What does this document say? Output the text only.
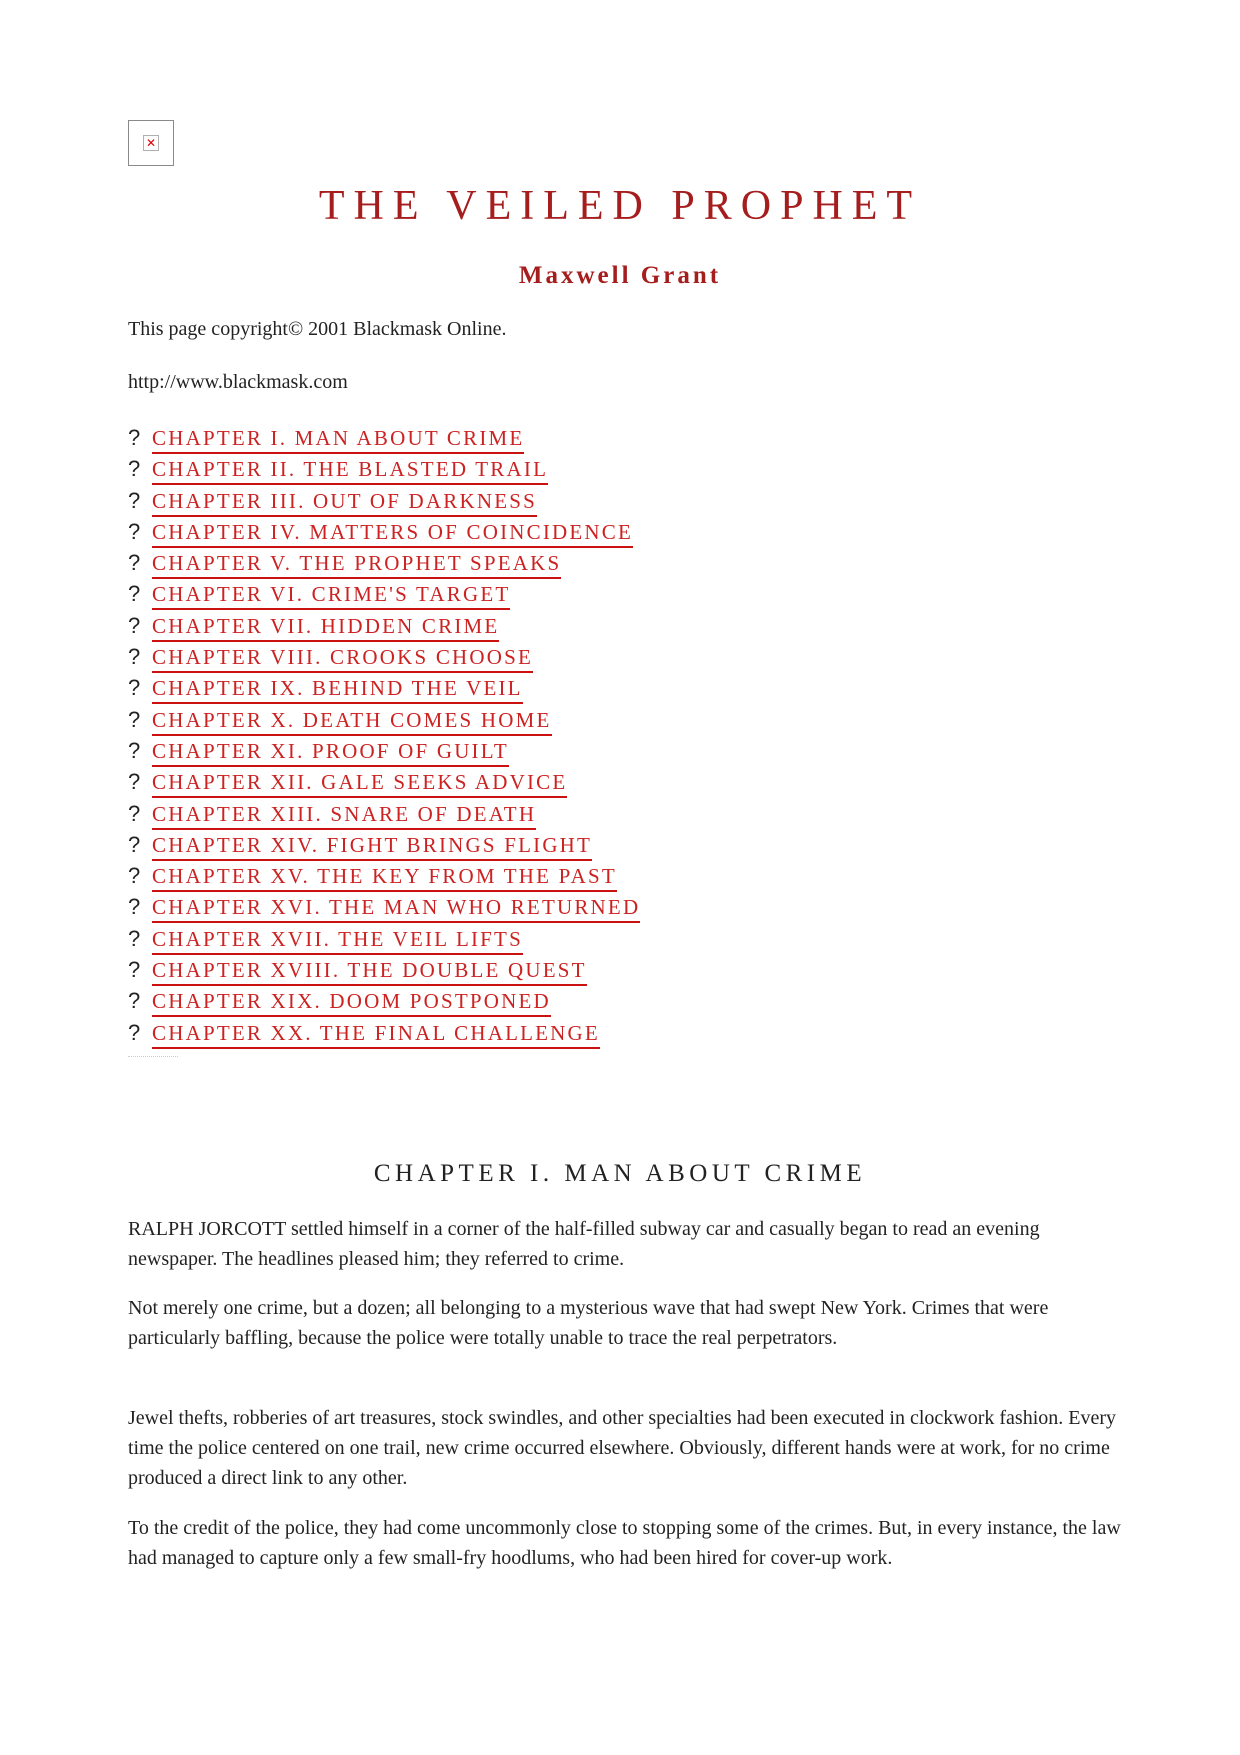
✕
THE VEILED PROPHET
Maxwell Grant

This page copyright© 2001 Blackmask Online.

http://www.blackmask.com

? CHAPTER I. MAN ABOUT CRIME
? CHAPTER II. THE BLASTED TRAIL
? CHAPTER III. OUT OF DARKNESS
? CHAPTER IV. MATTERS OF COINCIDENCE
? CHAPTER V. THE PROPHET SPEAKS
? CHAPTER VI. CRIME'S TARGET
? CHAPTER VII. HIDDEN CRIME
? CHAPTER VIII. CROOKS CHOOSE
? CHAPTER IX. BEHIND THE VEIL
? CHAPTER X. DEATH COMES HOME
? CHAPTER XI. PROOF OF GUILT
? CHAPTER XII. GALE SEEKS ADVICE
? CHAPTER XIII. SNARE OF DEATH
? CHAPTER XIV. FIGHT BRINGS FLIGHT
? CHAPTER XV. THE KEY FROM THE PAST
? CHAPTER XVI. THE MAN WHO RETURNED
? CHAPTER XVII. THE VEIL LIFTS
? CHAPTER XVIII. THE DOUBLE QUEST
? CHAPTER XIX. DOOM POSTPONED
? CHAPTER XX. THE FINAL CHALLENGE
CHAPTER I. MAN ABOUT CRIME

RALPH JORCOTT settled himself in a corner of the half-filled subway car and casually began to read an evening newspaper. The headlines pleased him; they referred to crime.

Not merely one crime, but a dozen; all belonging to a mysterious wave that had swept New York. Crimes that were particularly baffling, because the police were totally unable to trace the real perpetrators.

Jewel thefts, robberies of art treasures, stock swindles, and other specialties had been executed in clockwork fashion. Every time the police centered on one trail, new crime occurred elsewhere. Obviously, different hands were at work, for no crime produced a direct link to any other.

To the credit of the police, they had come uncommonly close to stopping some of the crimes. But, in every instance, the law had managed to capture only a few small-fry hoodlums, who had been hired for cover-up work.
